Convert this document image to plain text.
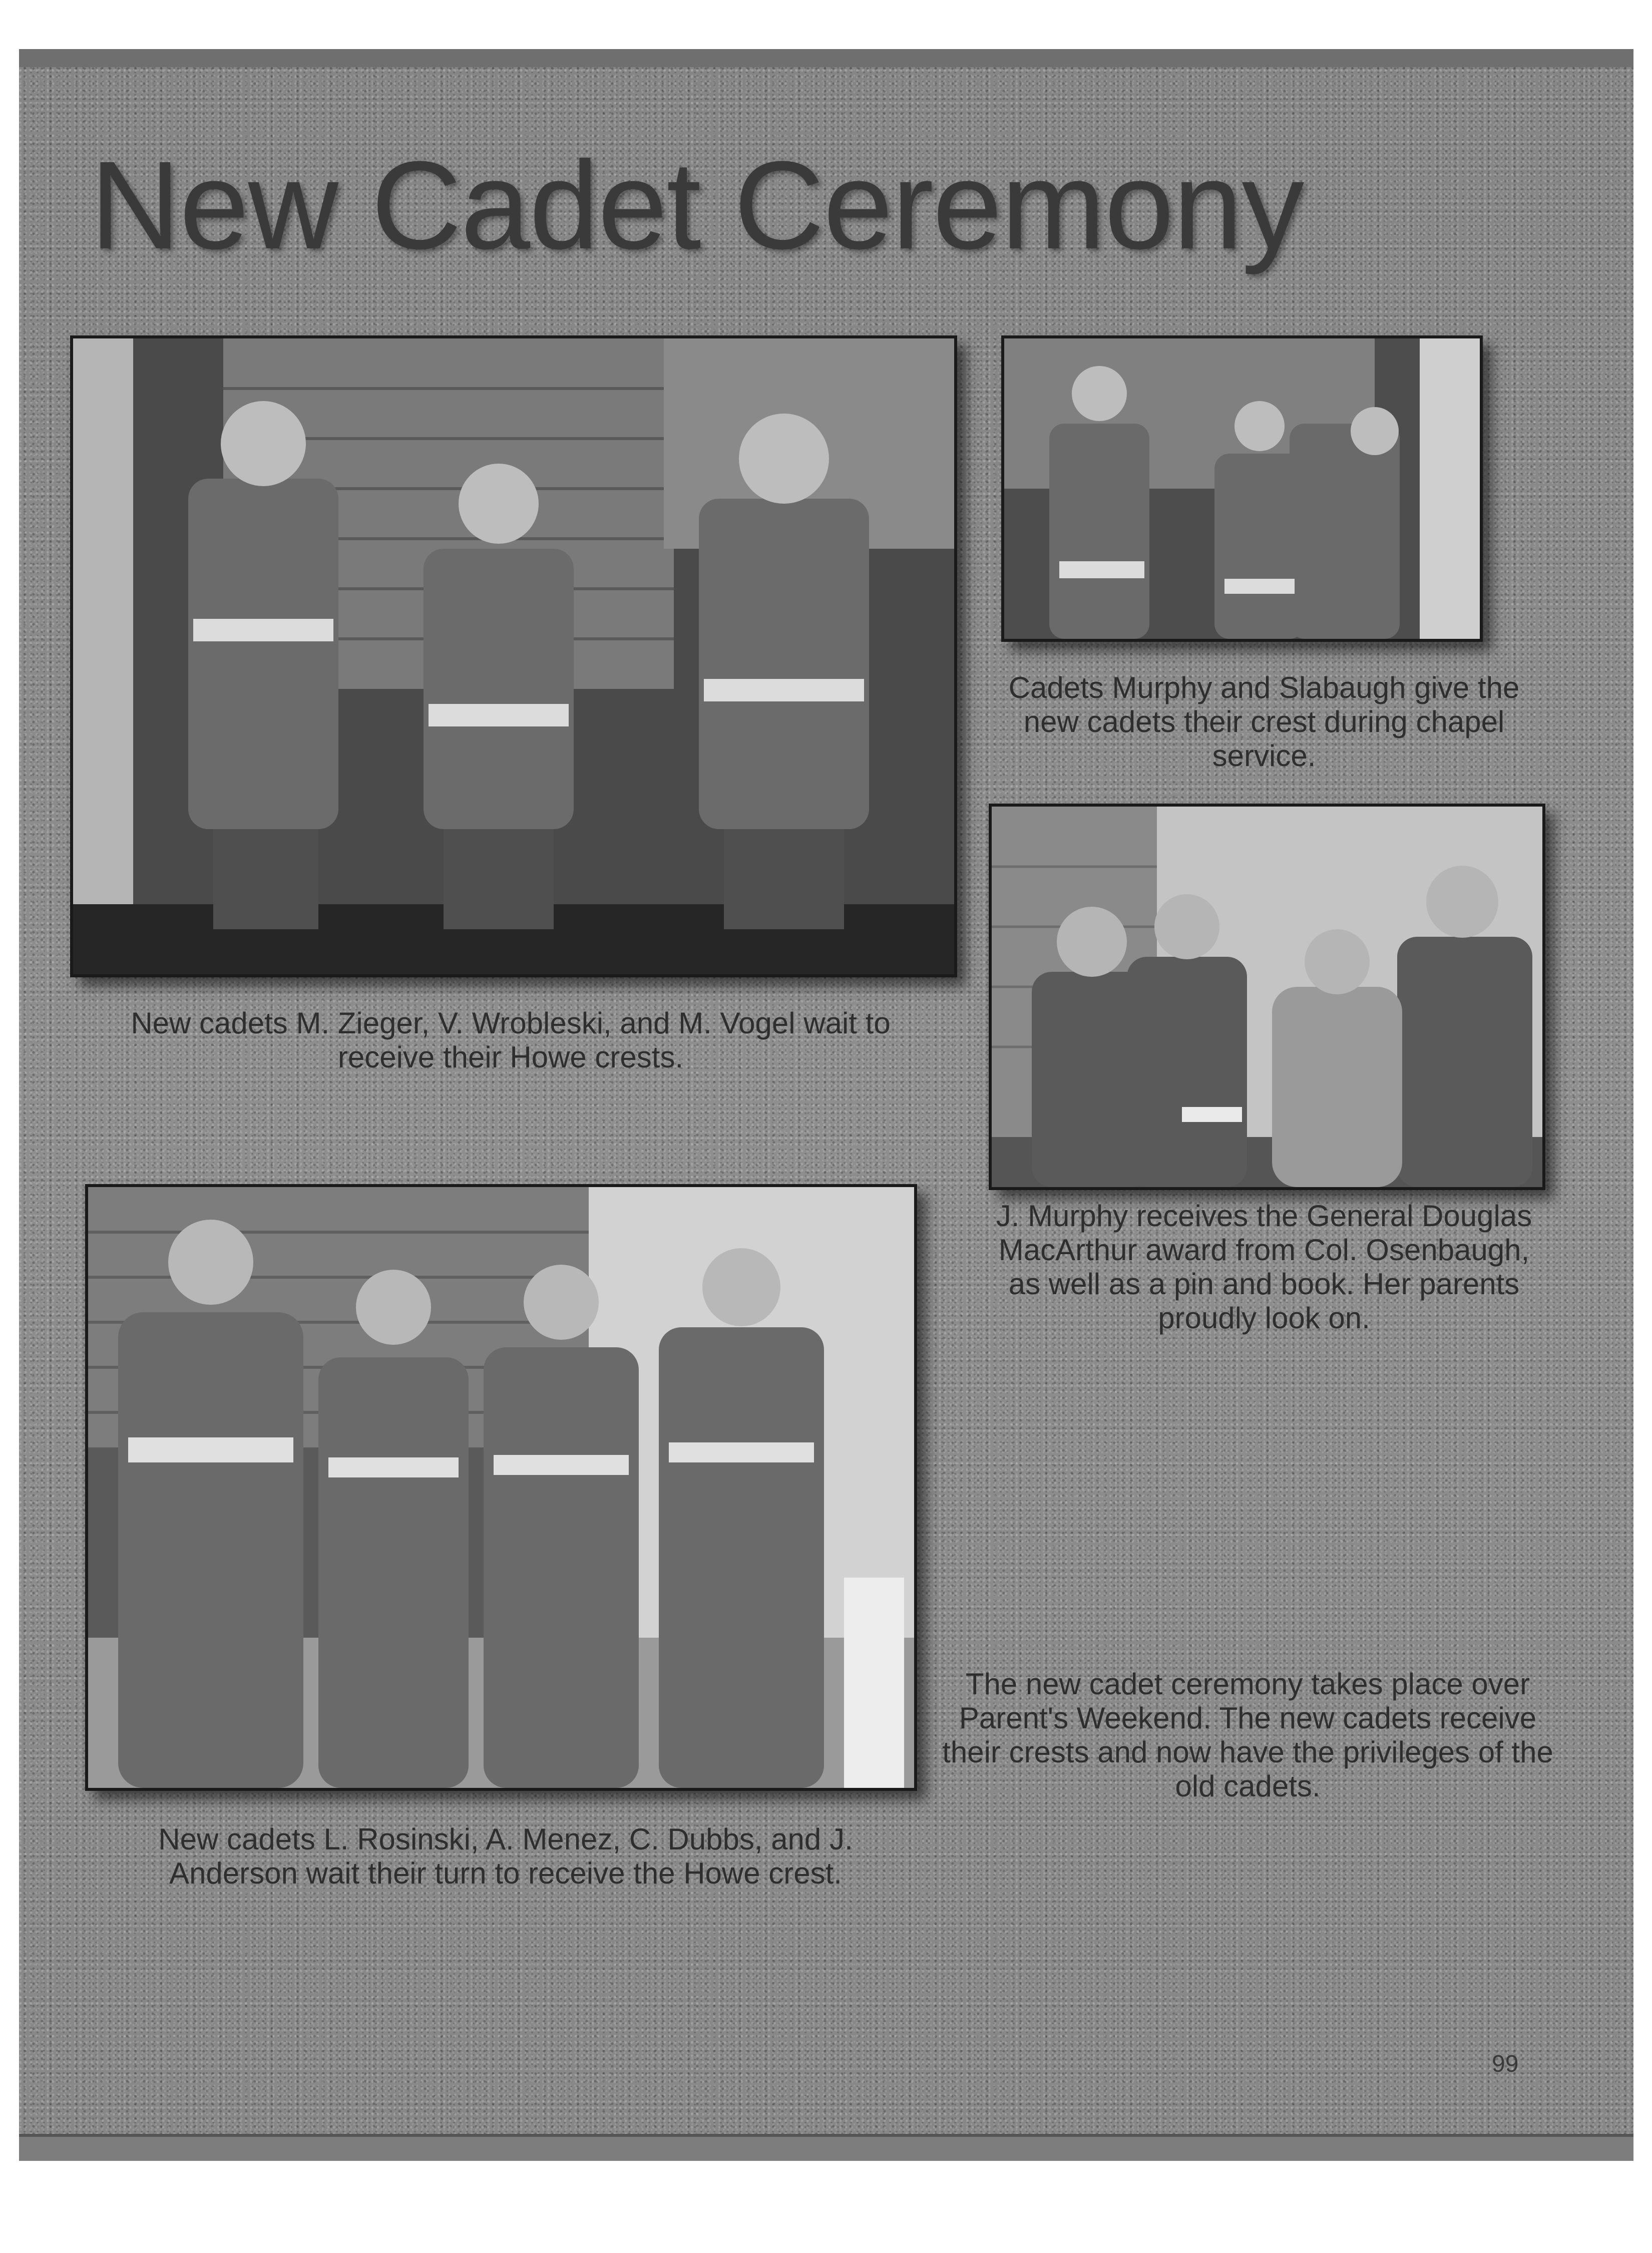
New Cadet Ceremony

New cadets M. Zieger, V. Wrobleski, and M. Vogel wait to receive their Howe crests.

Cadets Murphy and Slabaugh give the new cadets their crest during chapel service.

J. Murphy receives the General Douglas MacArthur award from Col. Osenbaugh, as well as a pin and book. Her parents proudly look on.

New cadets L. Rosinski, A. Menez, C. Dubbs, and J. Anderson wait their turn to receive the Howe crest.

The new cadet ceremony takes place over Parent's Weekend. The new cadets receive their crests and now have the privileges of the old cadets.

99
